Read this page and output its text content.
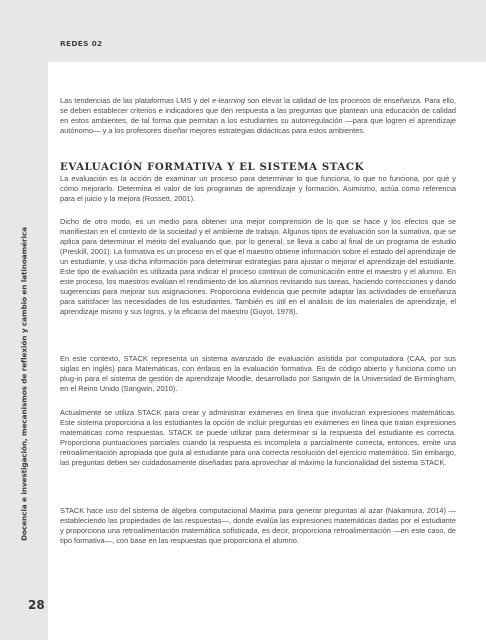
REDES 02
Docencia e investigación, mecanismos de reflexión y cambio en latinoamérica

Las tendencias de las plataformas LMS y del e-learning son elevar la calidad de los procesos de enseñanza. Para ello, se deben establecer criterios e indicadores que den respuesta a las preguntas que plantean una educación de calidad en estos ambientes, de tal forma que permitan a los estudiantes su autorregulación —para que logren el aprendizaje autónomo— y a los profesores diseñar mejores estrategias didácticas para estos ambientes.

EVALUACIÓN FORMATIVA Y EL SISTEMA STACK

La evaluación es la acción de examinar un proceso para determinar lo que funciona, lo que no funciona, por qué y cómo mejorarlo. Determina el valor de los programas de aprendizaje y formación. Asimismo, actúa como referencia para el juicio y la mejora (Rossett, 2001).

Dicho de otro modo, es un medio para obtener una mejor comprensión de lo que se hace y los efectos que se manifiestan en el contexto de la sociedad y el ambiente de trabajo. Algunos tipos de evaluación son la sumativa, que se aplica para determinar el mérito del evaluando que, por lo general, se lleva a cabo al final de un programa de estudio (Preskill, 2001). La formativa es un proceso en el que el maestro obtiene información sobre el estado del aprendizaje de un estudiante, y usa dicha información para determinar estrategias para ajustar o mejorar el aprendizaje del estudiante. Este tipo de evaluación es utilizada para indicar el proceso continuo de comunicación entre el maestro y el alumno. En este proceso, los maestros evalúan el rendimiento de los alumnos revisando sus tareas, haciendo correcciones y dando sugerencias para mejorar sus asignaciones. Proporciona evidencia que permite adaptar las actividades de enseñanza para satisfacer las necesidades de los estudiantes. También es útil en el análisis de los materiales de aprendizaje, el aprendizaje mismo y sus logros, y la eficacia del maestro (Guyot, 1978).

En este contexto, STACK representa un sistema avanzado de evaluación asistida por computadora (CAA, por sus siglas en inglés) para Matemáticas, con énfasis en la evaluación formativa. Es de código abierto y funciona como un plug-in para el sistema de gestión de aprendizaje Moodle, desarrollado por Sangwin de la Universidad de Birmingham, en el Reino Unido (Sangwin, 2010).

Actualmente se utiliza STACK para crear y administrar exámenes en línea que involucran expresiones matemáticas. Este sistema proporciona a los estudiantes la opción de incluir preguntas en exámenes en línea que tratan expresiones matemáticas como respuestas. STACK se puede utilizar para determinar si la respuesta del estudiante es correcta. Proporciona puntuaciones parciales cuando la respuesta es incompleta o parcialmente correcta, entonces, emite una retroalimentación apropiada que guía al estudiante para una correcta resolución del ejercicio matemático. Sin embargo, las preguntas deben ser cuidadosamente diseñadas para aprovechar al máximo la funcionalidad del sistema STACK.

STACK hace uso del sistema de álgebra computacional Maxima para generar preguntas al azar (Nakamura, 2014) —estableciendo las propiedades de las respuestas—, donde evalúa las expresiones matemáticas dadas por el estudiante y proporciona una retroalimentación matemática sofisticada, es decir, proporciona retroalimentación —en este caso, de tipo formativa—, con base en las respuestas que proporciona el alumno.

28
